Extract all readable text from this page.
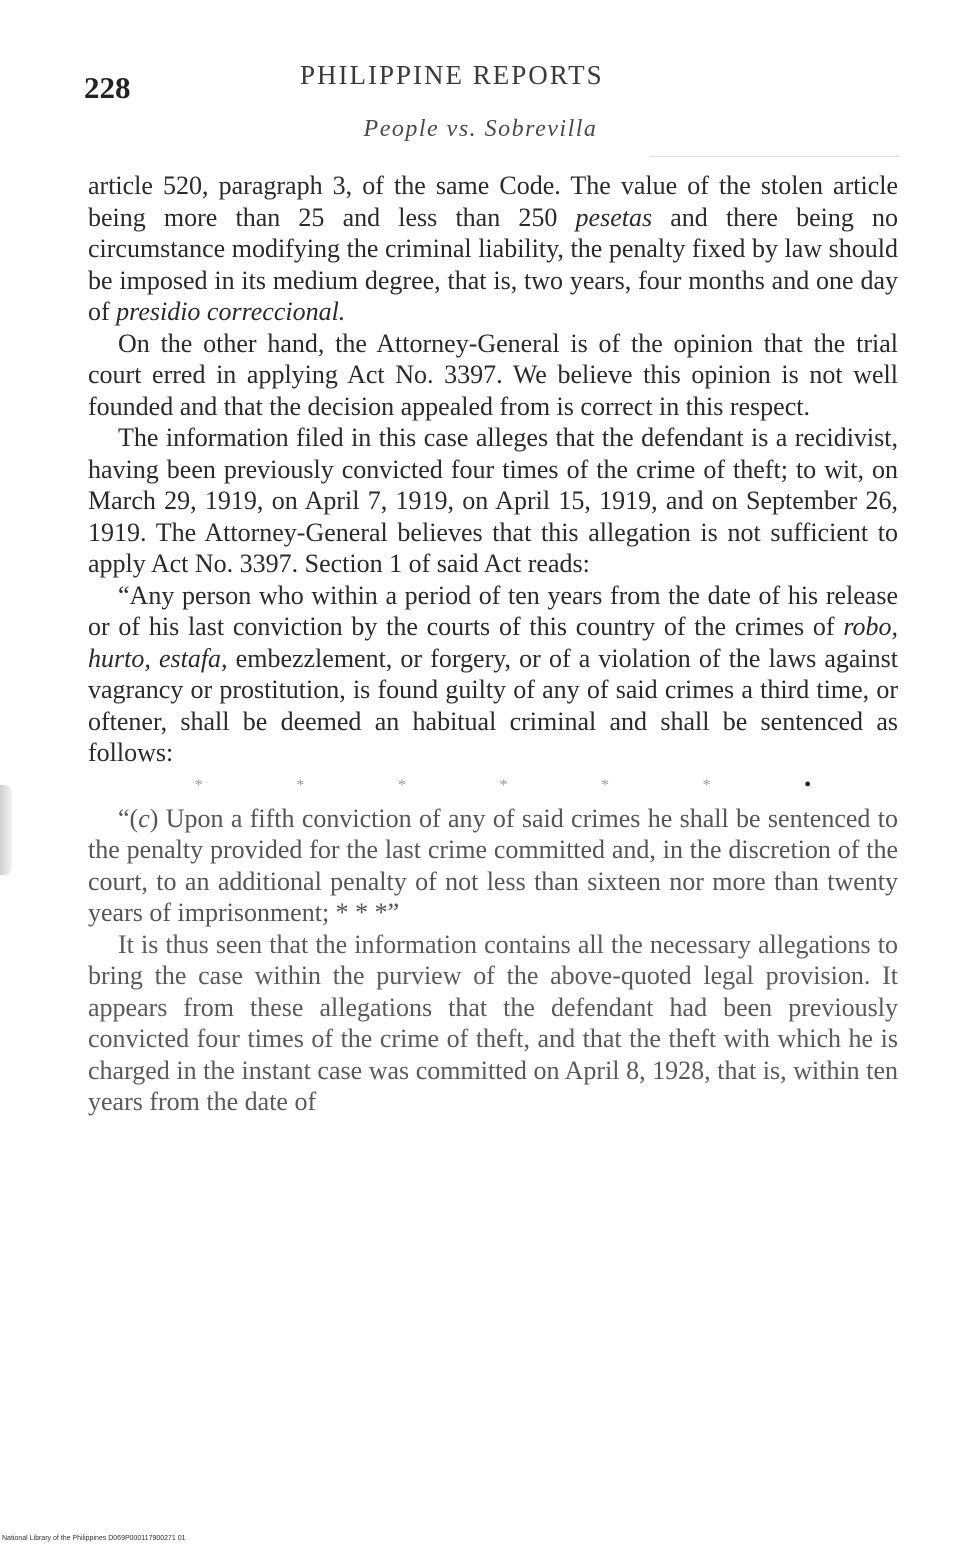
228	PHILIPPINE REPORTS
People vs. Sobrevilla

article 520, paragraph 3, of the same Code. The value of the stolen article being more than 25 and less than 250 pesetas and there being no circumstance modifying the criminal liability, the penalty fixed by law should be imposed in its medium degree, that is, two years, four months and one day of presidio correccional.

On the other hand, the Attorney-General is of the opinion that the trial court erred in applying Act No. 3397. We believe this opinion is not well founded and that the decision appealed from is correct in this respect.

The information filed in this case alleges that the defendant is a recidivist, having been previously convicted four times of the crime of theft; to wit, on March 29, 1919, on April 7, 1919, on April 15, 1919, and on September 26, 1919. The Attorney-General believes that this allegation is not sufficient to apply Act No. 3397. Section 1 of said Act reads:

“Any person who within a period of ten years from the date of his release or of his last conviction by the courts of this country of the crimes of robo, hurto, estafa, embezzlement, or forgery, or of a violation of the laws against vagrancy or prostitution, is found guilty of any of said crimes a third time, or oftener, shall be deemed an habitual criminal and shall be sentenced as follows:

*	*	*	*	*	*	•

“(c) Upon a fifth conviction of any of said crimes he shall be sentenced to the penalty provided for the last crime committed and, in the discretion of the court, to an additional penalty of not less than sixteen nor more than twenty years of imprisonment; * * *”

It is thus seen that the information contains all the necessary allegations to bring the case within the purview of the above-quoted legal provision. It appears from these allegations that the defendant had been previously convicted four times of the crime of theft, and that the theft with which he is charged in the instant case was committed on April 8, 1928, that is, within ten years from the date of

National Library of the Philippines D069P000117900271 01
